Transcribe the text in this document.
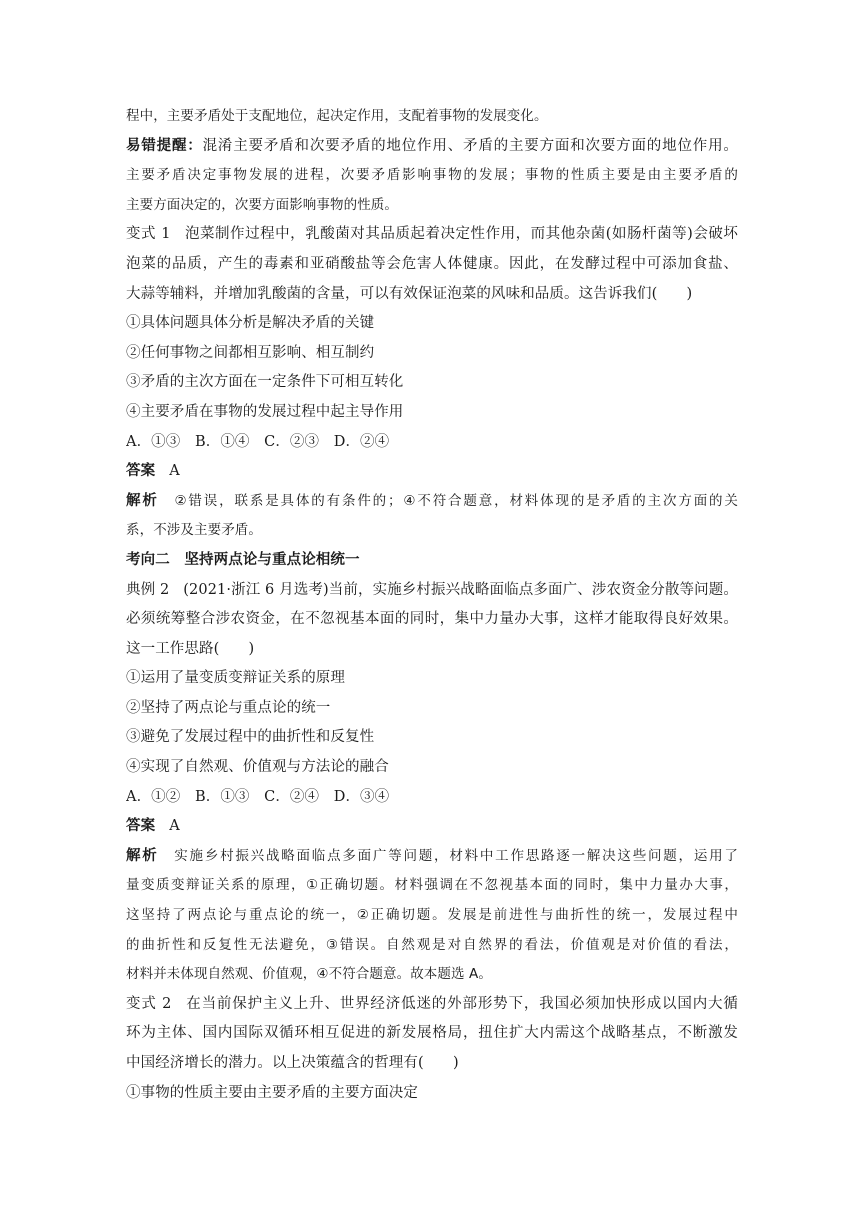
程中，主要矛盾处于支配地位，起决定作用，支配着事物的发展变化。
易错提醒：混淆主要矛盾和次要矛盾的地位作用、矛盾的主要方面和次要方面的地位作用。
主要矛盾决定事物发展的进程，次要矛盾影响事物的发展；事物的性质主要是由主要矛盾的
主要方面决定的，次要方面影响事物的性质。
变式 1 泡菜制作过程中，乳酸菌对其品质起着决定性作用，而其他杂菌(如肠杆菌等)会破坏
泡菜的品质，产生的毒素和亚硝酸盐等会危害人体健康。因此，在发酵过程中可添加食盐、
大蒜等辅料，并增加乳酸菌的含量，可以有效保证泡菜的风味和品质。这告诉我们(　　)
①具体问题具体分析是解决矛盾的关键
②任何事物之间都相互影响、相互制约
③矛盾的主次方面在一定条件下可相互转化
④主要矛盾在事物的发展过程中起主导作用
A．①③　B．①④　C．②③　D．②④
答案 A
解析 ②错误，联系是具体的有条件的；④不符合题意，材料体现的是矛盾的主次方面的关
系，不涉及主要矛盾。
考向二　坚持两点论与重点论相统一
典例 2 (2021·浙江 6 月选考)当前，实施乡村振兴战略面临点多面广、涉农资金分散等问题。
必须统筹整合涉农资金，在不忽视基本面的同时，集中力量办大事，这样才能取得良好效果。
这一工作思路(　　)
①运用了量变质变辩证关系的原理
②坚持了两点论与重点论的统一
③避免了发展过程中的曲折性和反复性
④实现了自然观、价值观与方法论的融合
A．①②　B．①③　C．②④　D．③④
答案 A
解析 实施乡村振兴战略面临点多面广等问题，材料中工作思路逐一解决这些问题，运用了
量变质变辩证关系的原理，①正确切题。材料强调在不忽视基本面的同时，集中力量办大事，
这坚持了两点论与重点论的统一，②正确切题。发展是前进性与曲折性的统一，发展过程中
的曲折性和反复性无法避免，③错误。自然观是对自然界的看法，价值观是对价值的看法，
材料并未体现自然观、价值观，④不符合题意。故本题选 A。
变式 2 在当前保护主义上升、世界经济低迷的外部形势下，我国必须加快形成以国内大循
环为主体、国内国际双循环相互促进的新发展格局，扭住扩大内需这个战略基点，不断激发
中国经济增长的潜力。以上决策蕴含的哲理有(　　)
①事物的性质主要由主要矛盾的主要方面决定
